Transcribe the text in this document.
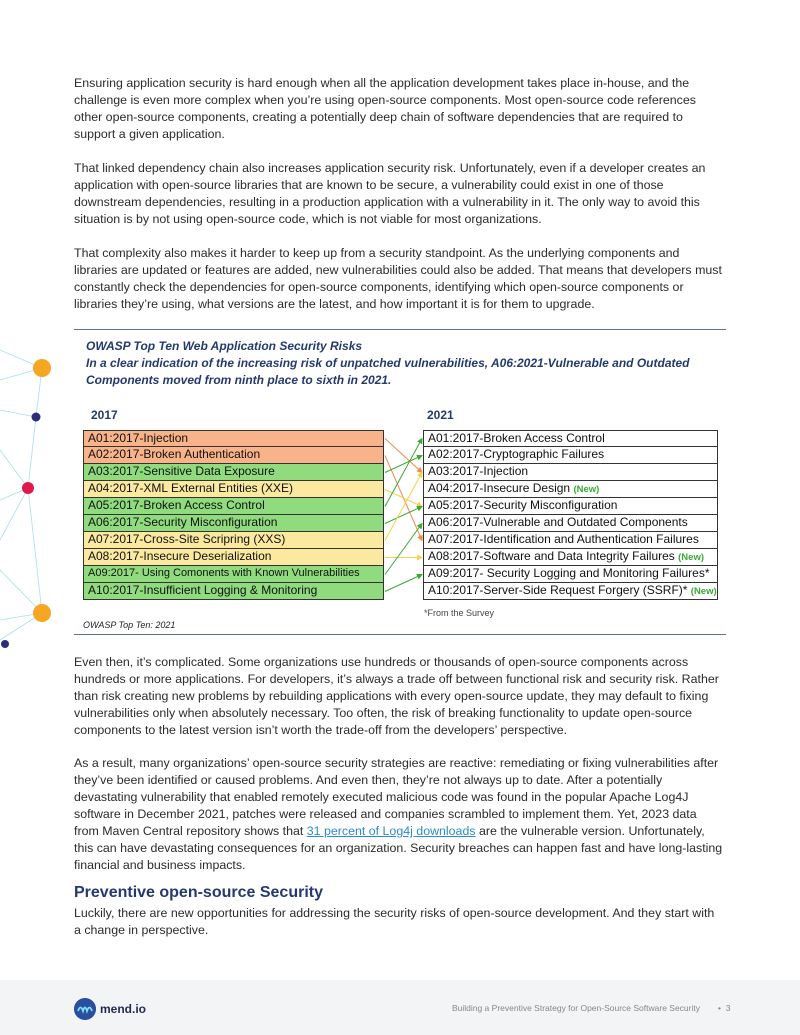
Ensuring application security is hard enough when all the application development takes place in-house, and the challenge is even more complex when you’re using open-source components. Most open-source code references other open-source components, creating a potentially deep chain of software dependencies that are required to support a given application.

That linked dependency chain also increases application security risk. Unfortunately, even if a developer creates an application with open-source libraries that are known to be secure, a vulnerability could exist in one of those downstream dependencies, resulting in a production application with a vulnerability in it. The only way to avoid this situation is by not using open-source code, which is not viable for most organizations.

That complexity also makes it harder to keep up from a security standpoint. As the underlying components and libraries are updated or features are added, new vulnerabilities could also be added. That means that developers must constantly check the dependencies for open-source components, identifying which open-source components or libraries they’re using, what versions are the latest, and how important it is for them to upgrade.

OWASP Top Ten Web Application Security Risks
In a clear indication of the increasing risk of unpatched vulnerabilities, A06:2021-Vulnerable and Outdated Components moved from ninth place to sixth in 2021.
2017	2021
A01:2017-Injection
A02:2017-Broken Authentication
A03:2017-Sensitive Data Exposure
A04:2017-XML External Entities (XXE)
A05:2017-Broken Access Control
A06:2017-Security Misconfiguration
A07:2017-Cross-Site Scripring (XXS)
A08:2017-Insecure Deserialization
A09:2017- Using Comonents with Known Vulnerabilities
A10:2017-Insufficient Logging & Monitoring
A01:2017-Broken Access Control
A02:2017-Cryptographic Failures
A03:2017-Injection
A04:2017-Insecure Design (New)
A05:2017-Security Misconfiguration
A06:2017-Vulnerable and Outdated Components
A07:2017-Identification and Authentication Failures
A08:2017-Software and Data Integrity Failures (New)
A09:2017- Security Logging and Monitoring Failures*
A10:2017-Server-Side Request Forgery (SSRF)* (New)
*From the Survey
OWASP Top Ten: 2021

Even then, it’s complicated. Some organizations use hundreds or thousands of open-source components across hundreds or more applications. For developers, it’s always a trade off between functional risk and security risk. Rather than risk creating new problems by rebuilding applications with every open-source update, they may default to fixing vulnerabilities only when absolutely necessary. Too often, the risk of breaking functionality to update open-source components to the latest version isn’t worth the trade-off from the developers’ perspective.

As a result, many organizations’ open-source security strategies are reactive: remediating or fixing vulnerabilities after they’ve been identified or caused problems. And even then, they’re not always up to date. After a potentially devastating vulnerability that enabled remotely executed malicious code was found in the popular Apache Log4J software in December 2021, patches were released and companies scrambled to implement them. Yet, 2023 data from Maven Central repository shows that 31 percent of Log4j downloads are the vulnerable version. Unfortunately, this can have devastating consequences for an organization. Security breaches can happen fast and have long-lasting financial and business impacts.

Preventive open-source Security

Luckily, there are new opportunities for addressing the security risks of open-source development. And they start with a change in perspective.

mend.io	Building a Preventive Strategy for Open-Source Software Security • 3
